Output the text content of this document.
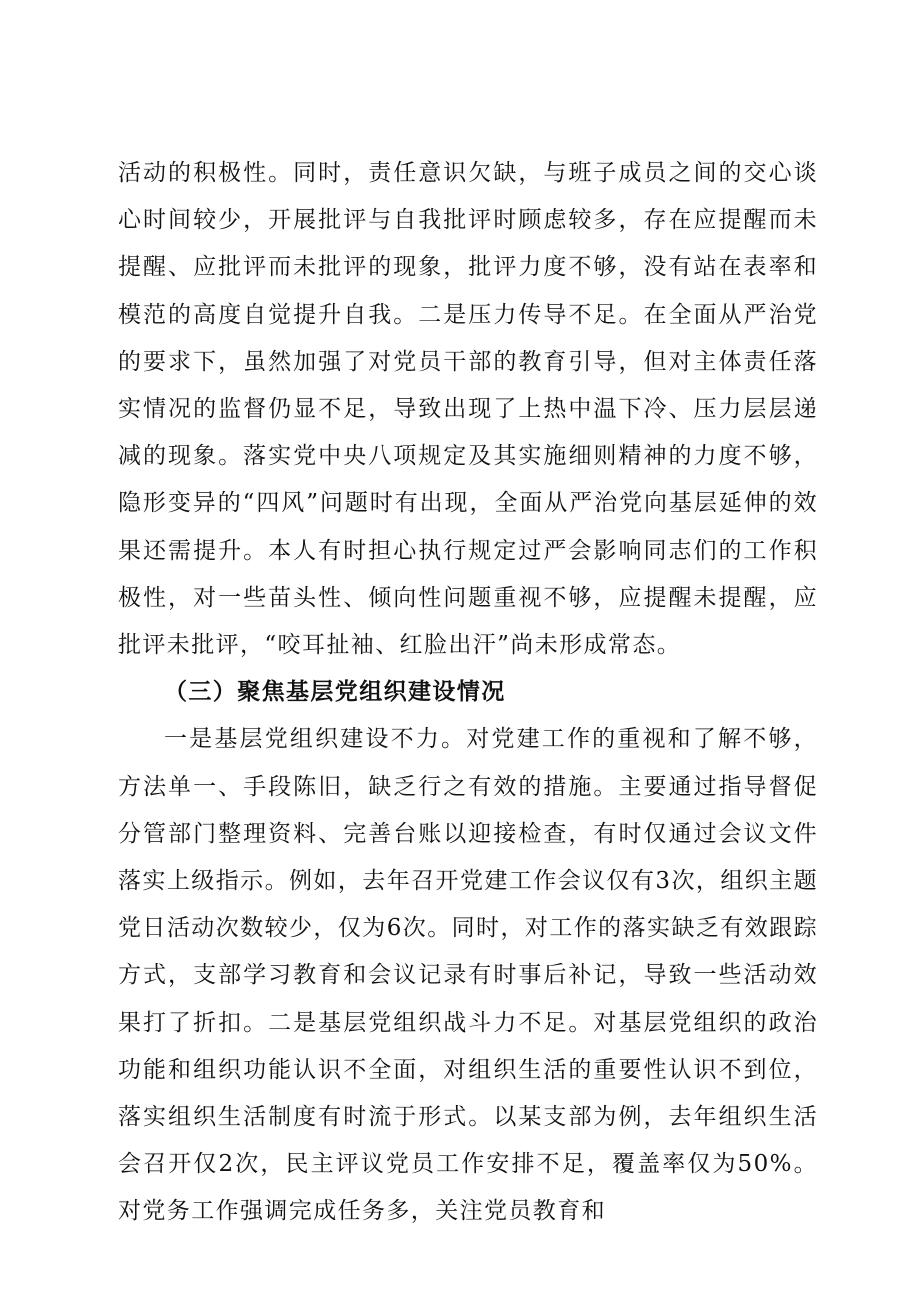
活动的积极性。同时，责任意识欠缺，与班子成员之间的交心谈心时间较少，开展批评与自我批评时顾虑较多，存在应提醒而未提醒、应批评而未批评的现象，批评力度不够，没有站在表率和模范的高度自觉提升自我。二是压力传导不足。在全面从严治党的要求下，虽然加强了对党员干部的教育引导，但对主体责任落实情况的监督仍显不足，导致出现了上热中温下冷、压力层层递减的现象。落实党中央八项规定及其实施细则精神的力度不够，隐形变异的“四风”问题时有出现，全面从严治党向基层延伸的效果还需提升。本人有时担心执行规定过严会影响同志们的工作积极性，对一些苗头性、倾向性问题重视不够，应提醒未提醒，应批评未批评，“咬耳扯袖、红脸出汗”尚未形成常态。

（三）聚焦基层党组织建设情况

一是基层党组织建设不力。对党建工作的重视和了解不够，方法单一、手段陈旧，缺乏行之有效的措施。主要通过指导督促分管部门整理资料、完善台账以迎接检查，有时仅通过会议文件落实上级指示。例如，去年召开党建工作会议仅有3次，组织主题党日活动次数较少，仅为6次。同时，对工作的落实缺乏有效跟踪方式，支部学习教育和会议记录有时事后补记，导致一些活动效果打了折扣。二是基层党组织战斗力不足。对基层党组织的政治功能和组织功能认识不全面，对组织生活的重要性认识不到位，落实组织生活制度有时流于形式。以某支部为例，去年组织生活会召开仅2次，民主评议党员工作安排不足，覆盖率仅为50%。对党务工作强调完成任务多，关注党员教育和
